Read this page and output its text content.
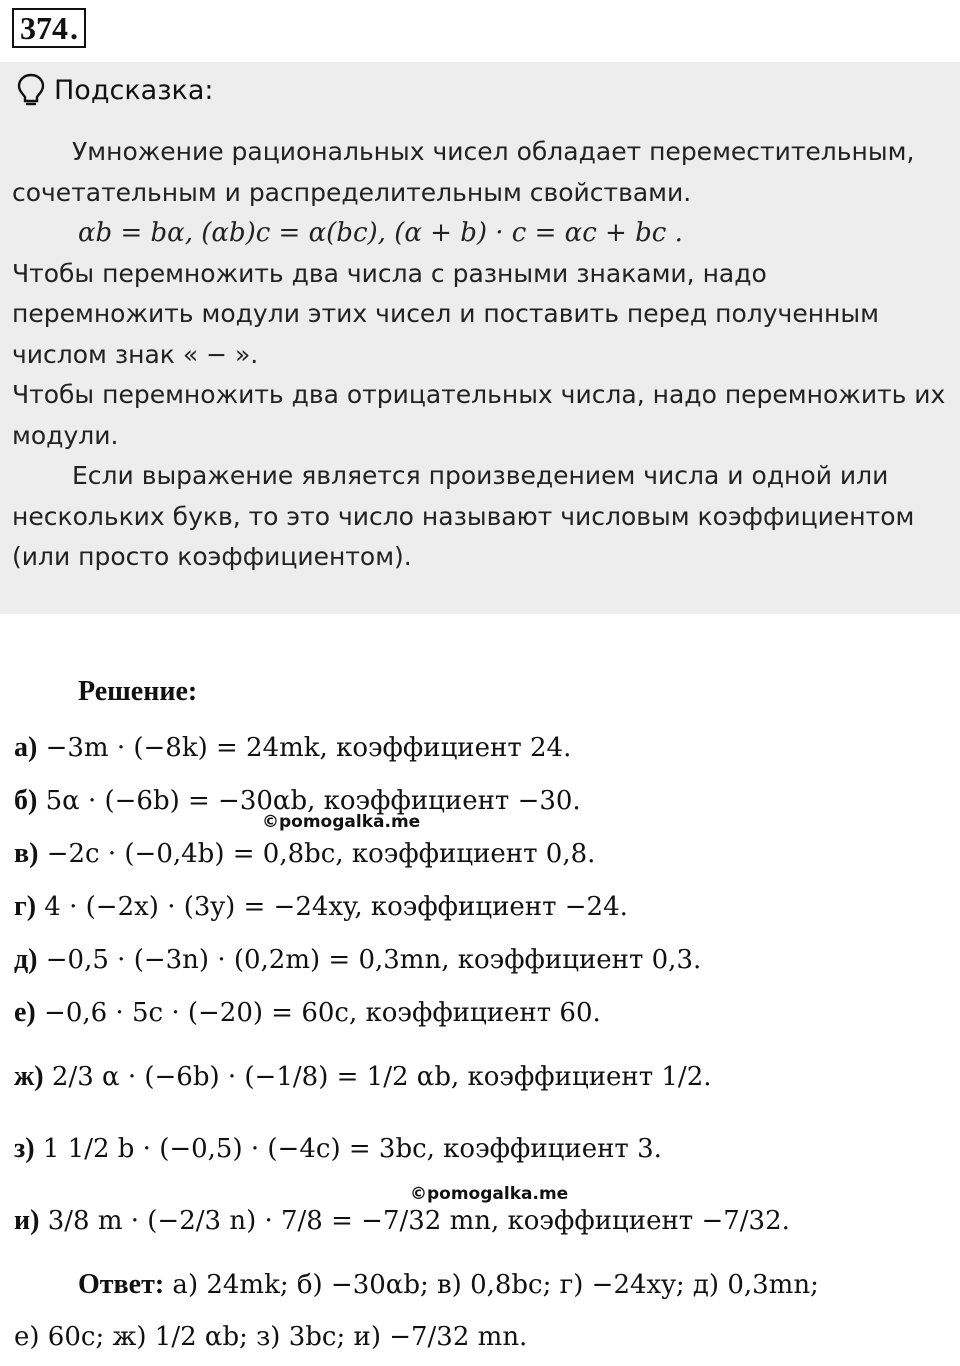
374.
Подсказка:

Умножение рациональных чисел обладает переместительным, сочетательным и распределительным свойствами.

αb = bα, (αb)c = α(bc), (α + b) · c = αc + bc .

Чтобы перемножить два числа с разными знаками, надо перемножить модули этих чисел и поставить перед полученным числом знак « − ».

Чтобы перемножить два отрицательных числа, надо перемножить их модули.

Если выражение является произведением числа и одной или нескольких букв, то это число называют числовым коэффициентом (или просто коэффициентом).

Решение:
а) −3m · (−8k) = 24mk, коэффициент 24.
б) 5α · (−6b) = −30αb, коэффициент −30.
в) −2c · (−0,4b) = 0,8bc, коэффициент 0,8.
г) 4 · (−2x) · (3y) = −24xy, коэффициент −24.
д) −0,5 · (−3n) · (0,2m) = 0,3mn, коэффициент 0,3.
е) −0,6 · 5c · (−20) = 60c, коэффициент 60.
ж) 2/3 α · (−6b) · (−1/8) = 1/2 αb, коэффициент 1/2.
з) 1 1/2 b · (−0,5) · (−4c) = 3bc, коэффициент 3.
и) 3/8 m · (−2/3 n) · 7/8 = −7/32 mn, коэффициент −7/32.
Ответ: а) 24mk; б) −30αb; в) 0,8bc; г) −24xy; д) 0,3mn;
е) 60c; ж) 1/2 αb; з) 3bc; и) −7/32 mn.
©pomogalka.me
©pomogalka.me
